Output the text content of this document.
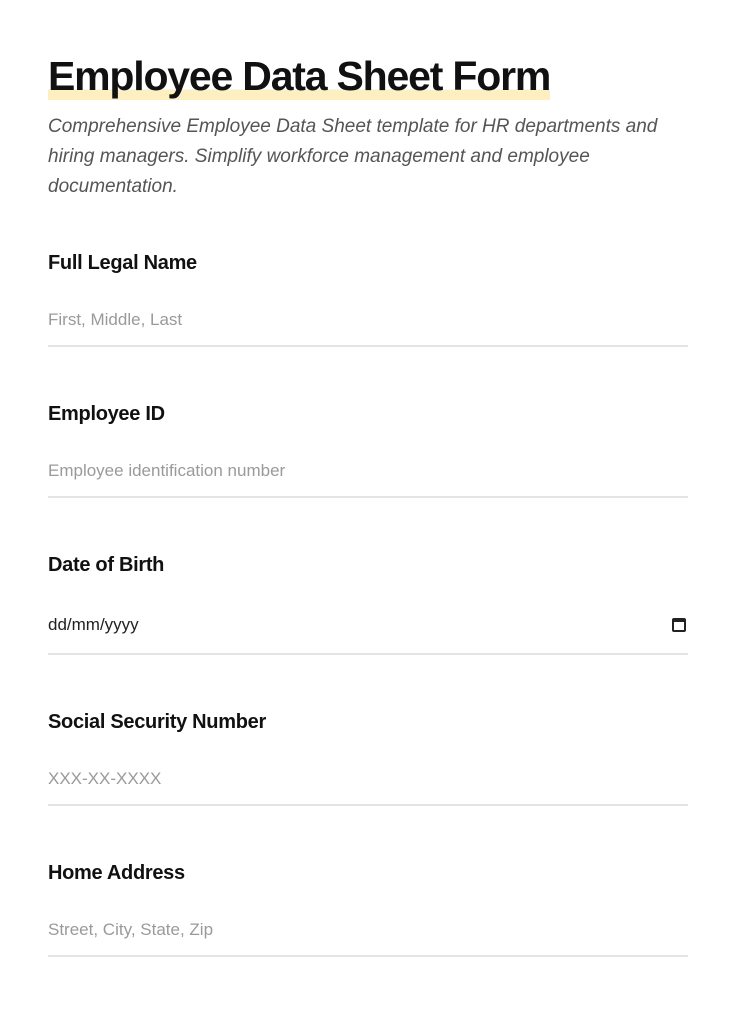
Employee Data Sheet Form

Comprehensive Employee Data Sheet template for HR departments and hiring managers. Simplify workforce management and employee documentation.

Full Legal Name
First, Middle, Last
Employee ID
Employee identification number
Date of Birth
dd/mm/yyyy
Social Security Number
XXX-XX-XXXX
Home Address
Street, City, State, Zip
